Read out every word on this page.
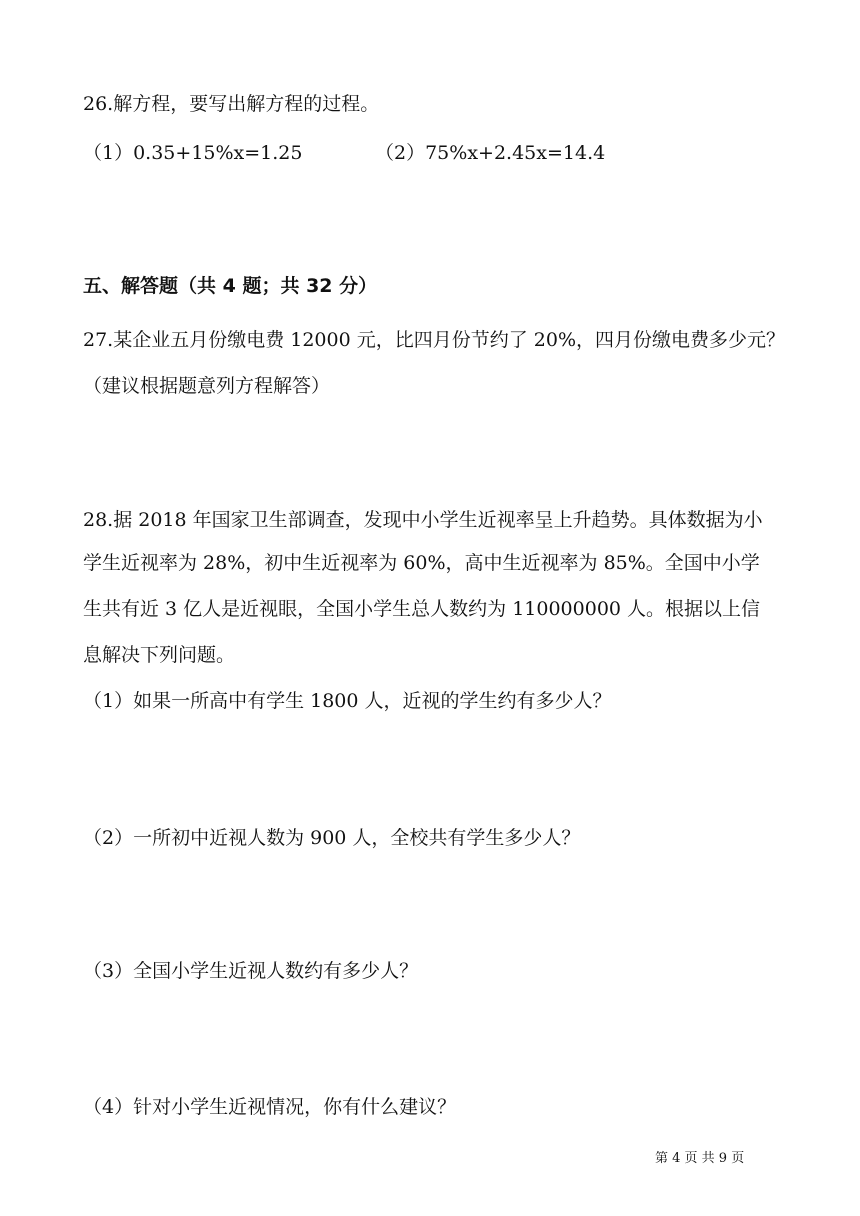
26.解方程，要写出解方程的过程。
（1）0.35+15%x=1.25	（2）75%x+2.45x=14.4
五、解答题（共 4 题；共 32 分）
27.某企业五月份缴电费 12000 元，比四月份节约了 20%，四月份缴电费多少元？
（建议根据题意列方程解答）
28.据 2018 年国家卫生部调查，发现中小学生近视率呈上升趋势。具体数据为小
学生近视率为 28%，初中生近视率为 60%，高中生近视率为 85%。全国中小学
生共有近 3 亿人是近视眼，全国小学生总人数约为 110000000 人。根据以上信
息解决下列问题。
（1）如果一所高中有学生 1800 人，近视的学生约有多少人？
（2）一所初中近视人数为 900 人，全校共有学生多少人？
（3）全国小学生近视人数约有多少人？
（4）针对小学生近视情况，你有什么建议？
第 4 页 共 9 页
